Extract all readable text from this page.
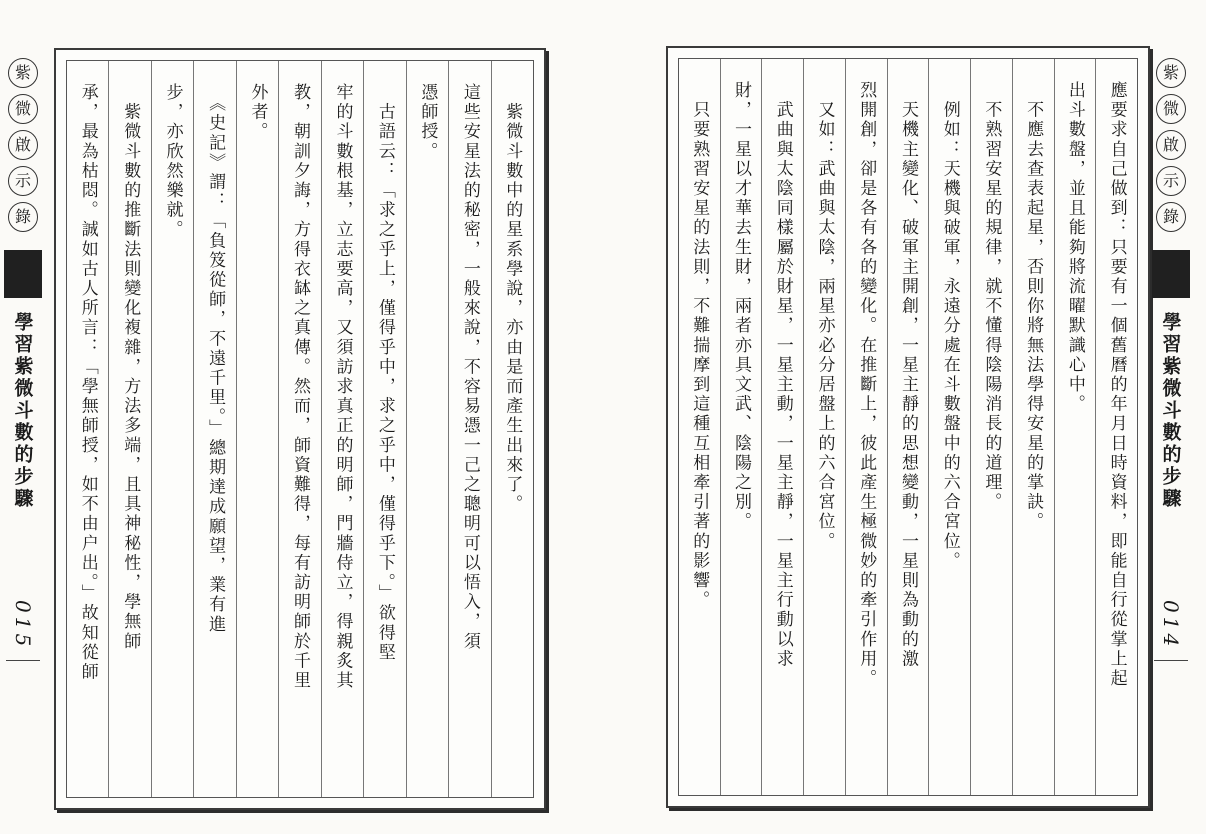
紫
微
啟
示
錄
學習紫微斗數的步驟
015
　紫微斗數中的星系學說，亦由是而產生出來了。
這些安星法的秘密，一般來說，不容易憑一己之聰明可以悟入，須
憑師授。
　古語云：「求之乎上，僅得乎中，求之乎中，僅得乎下。」欲得堅
牢的斗數根基，立志要高，又須訪求真正的明師，門牆侍立，得親炙其
教，朝訓夕誨，方得衣缽之真傳。然而，師資難得，每有訪明師於千里
外者。
　《史記》謂：「負笈從師，不遠千里。」總期達成願望，業有進
步，亦欣然樂就。
　紫微斗數的推斷法則變化複雜，方法多端，且具神秘性，學無師
承，最為枯悶。誠如古人所言：「學無師授，如不由户出。」故知從師	應要求自己做到：只要有一個舊曆的年月日時資料，即能自行從掌上起
出斗數盤，並且能夠將流曜默識心中。
　不應去查表起星，否則你將無法學得安星的掌訣。
　不熟習安星的規律，就不懂得陰陽消長的道理。
　例如：天機與破軍，永遠分處在斗數盤中的六合宮位。
　天機主變化、破軍主開創，一星主靜的思想變動，一星則為動的激
烈開創，卻是各有各的變化。在推斷上，彼此產生極微妙的牽引作用。
　又如：武曲與太陰，兩星亦必分居盤上的六合宮位。
　武曲與太陰同樣屬於財星，一星主動，一星主靜，一星主行動以求
財，一星以才華去生財，兩者亦具文武、陰陽之別。
　只要熟習安星的法則，不難揣摩到這種互相牽引著的影響。
紫
微
啟
示
錄
學習紫微斗數的步驟
014
